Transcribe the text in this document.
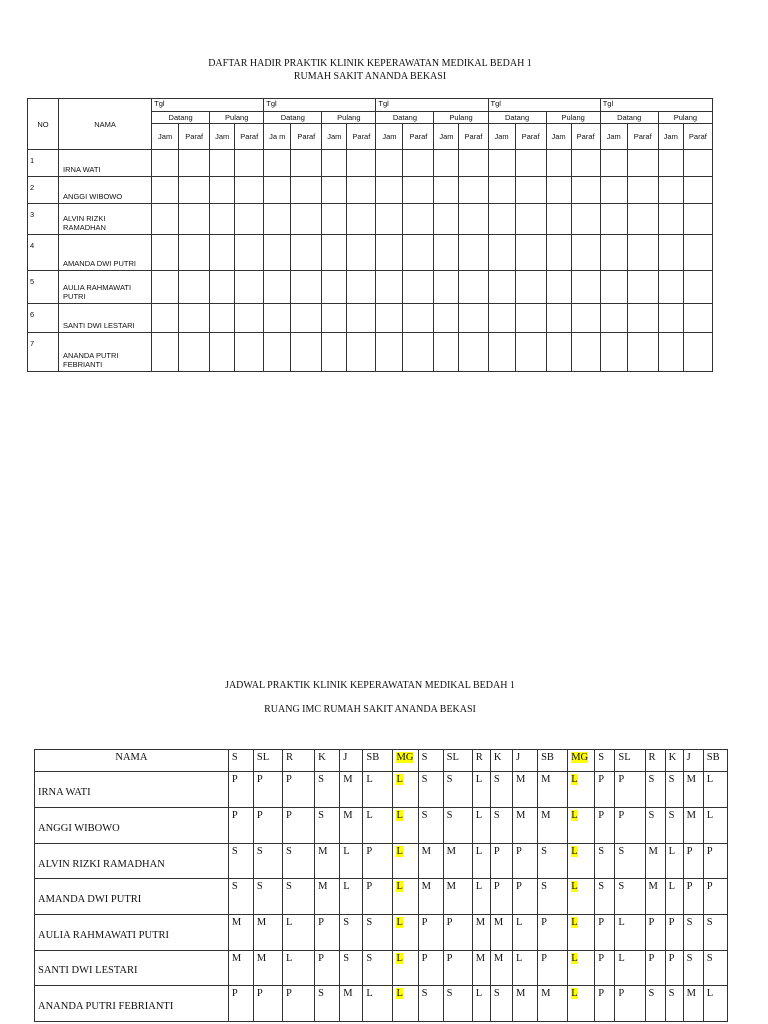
DAFTAR HADIR PRAKTIK KLINIK KEPERAWATAN MEDIKAL BEDAH 1
RUMAH SAKIT ANANDA BEKASI
NO	NAMA	Tgl				Tgl				Tgl				Tgl				Tgl			
		Datang		Pulang		Datang		Pulang		Datang		Pulang		Datang		Pulang		Datang		Pulang	
		Jam	Paraf	Jam	Paraf	Ja m	Paraf	Jam	Paraf	Jam	Paraf	Jam	Paraf	Jam	Paraf	Jam	Paraf	Jam	Paraf	Jam	Paraf
1	IRNA WATI																				
2	ANGGI WIBOWO																				
3	ALVIN RIZKI RAMADHAN																				
4	AMANDA DWI PUTRI																				
5	AULIA RAHMAWATI PUTRI																				
6	SANTI DWI LESTARI																				
7	ANANDA PUTRI FEBRIANTI																				
JADWAL PRAKTIK KLINIK KEPERAWATAN MEDIKAL BEDAH 1
RUANG IMC RUMAH SAKIT ANANDA BEKASI
NAMA	S	SL	R	K	J	SB	MG	S	SL	R	K	J	SB	MG	S	SL	R	K	J	SB
IRNA WATI	P	P	P	S	M	L	L	S	S	L	S	M	M	L	P	P	S	S	M	L
ANGGI WIBOWO	P	P	P	S	M	L	L	S	S	L	S	M	M	L	P	P	S	S	M	L
ALVIN RIZKI RAMADHAN	S	S	S	M	L	P	L	M	M	L	P	P	S	L	S	S	M	L	P	P
AMANDA DWI PUTRI	S	S	S	M	L	P	L	M	M	L	P	P	S	L	S	S	M	L	P	P
AULIA RAHMAWATI PUTRI	M	M	L	P	S	S	L	P	P	M	M	L	P	L	P	L	P	P	S	S
SANTI DWI LESTARI	M	M	L	P	S	S	L	P	P	M	M	L	P	L	P	L	P	P	S	S
ANANDA PUTRI FEBRIANTI	P	P	P	S	M	L	L	S	S	L	S	M	M	L	P	P	S	S	M	L
